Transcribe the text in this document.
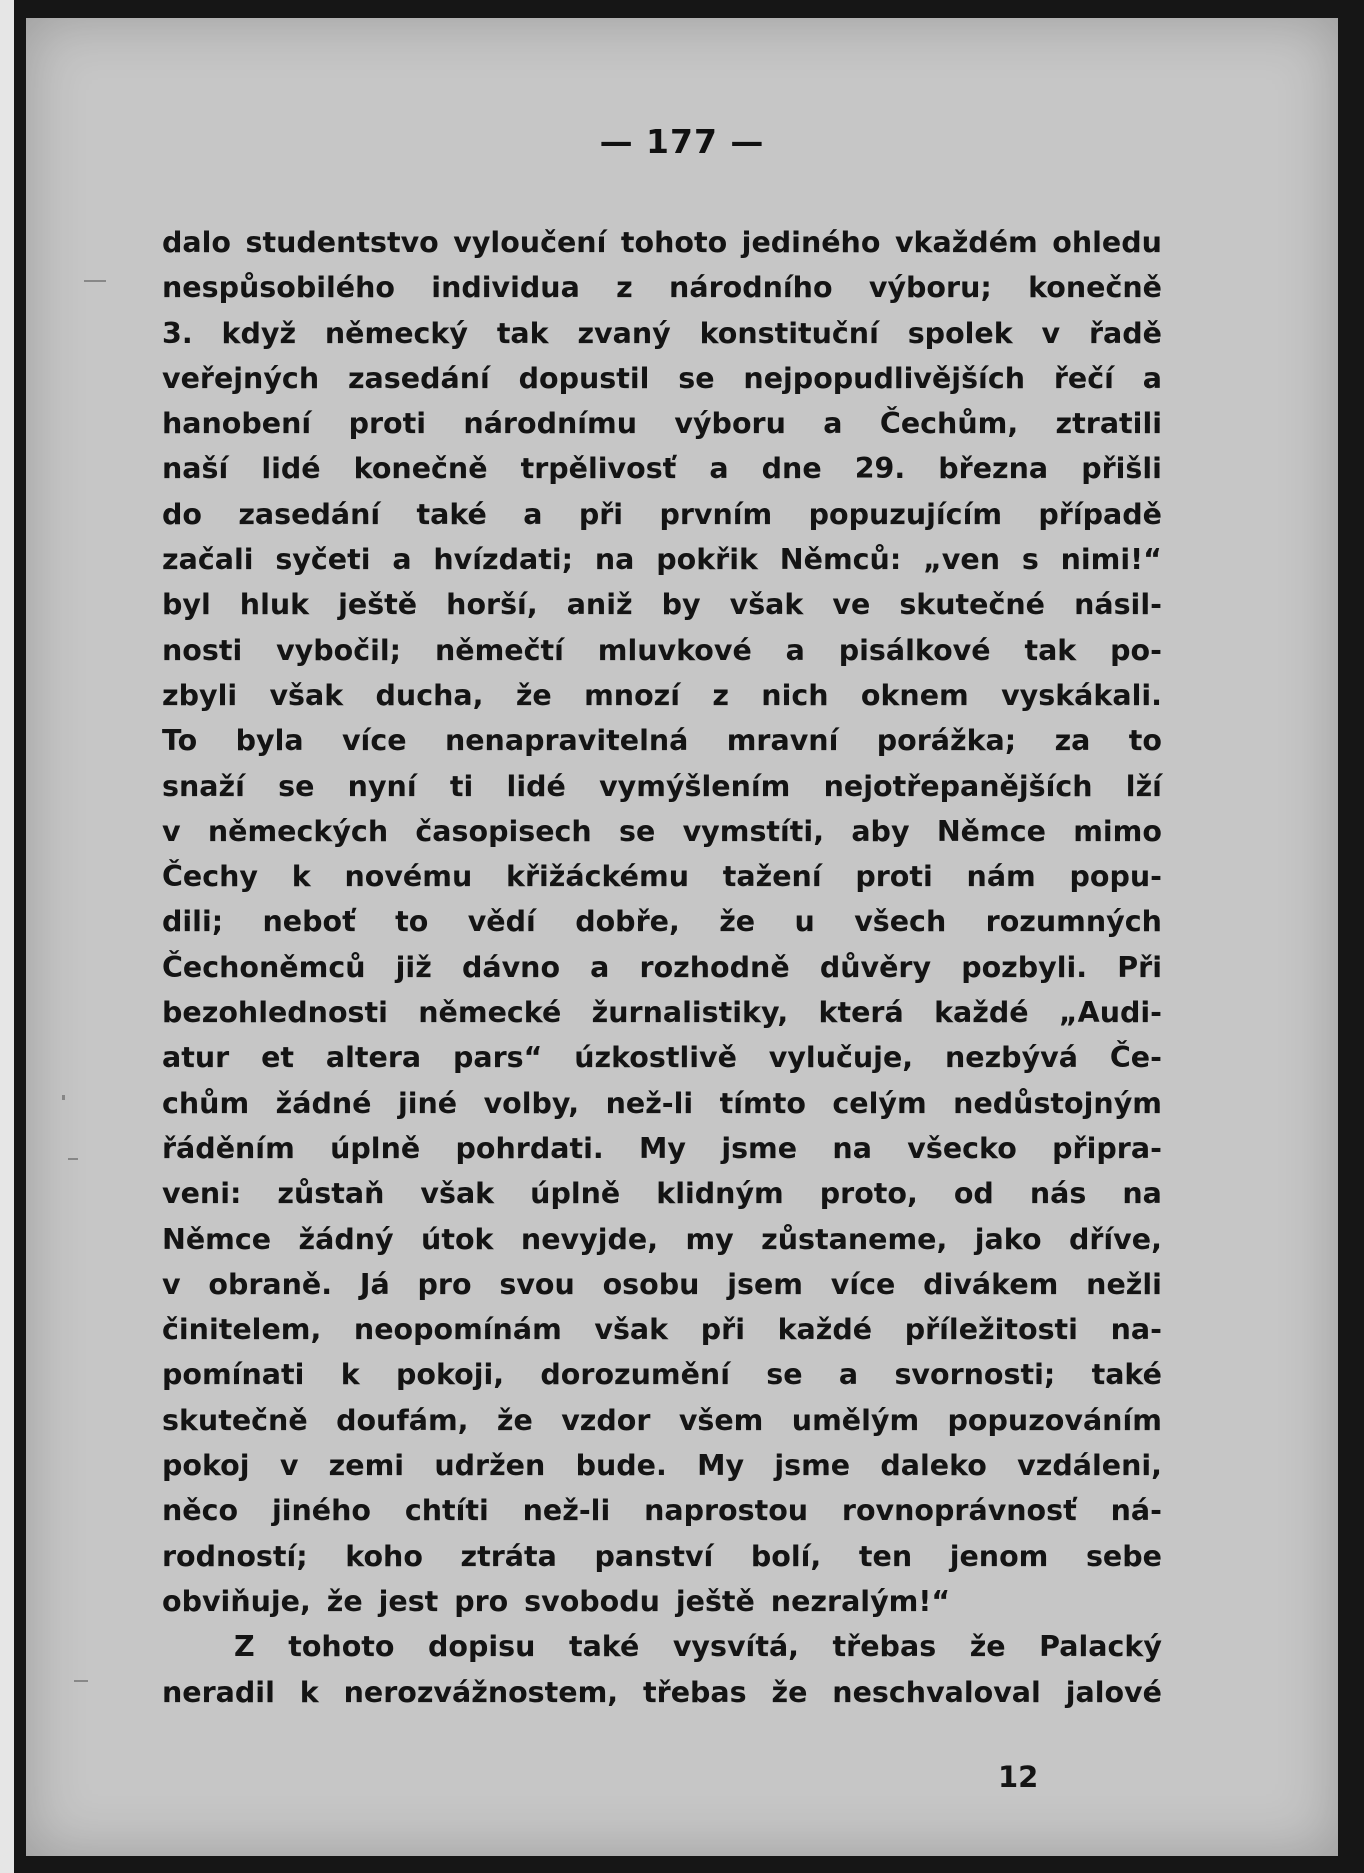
— 177 —
dalo studentstvo vyloučení tohoto jediného vkaždém ohledu
nespůsobilého individua z národního výboru; konečně
3. když německý tak zvaný konstituční spolek v řadě
veřejných zasedání dopustil se nejpopudlivějších řečí a
hanobení proti národnímu výboru a Čechům, ztratili
naší lidé konečně trpělivosť a dne 29. března přišli
do zasedání také a při prvním popuzujícím případě
začali syčeti a hvízdati; na pokřik Němců: „ven s nimi!“
byl hluk ještě horší, aniž by však ve skutečné násil-
nosti vybočil; němečtí mluvkové a pisálkové tak po-
zbyli však ducha, že mnozí z nich oknem vyskákali.
To byla více nenapravitelná mravní porážka; za to
snaží se nyní ti lidé vymýšlením nejotřepanějších lží
v německých časopisech se vymstíti, aby Němce mimo
Čechy k novému křižáckému tažení proti nám popu-
dili; neboť to vědí dobře, že u všech rozumných
Čechoněmců již dávno a rozhodně důvěry pozbyli. Při
bezohlednosti německé žurnalistiky, která každé „Audi-
atur et altera pars“ úzkostlivě vylučuje, nezbývá Če-
chům žádné jiné volby, než-li tímto celým nedůstojným
řáděním úplně pohrdati. My jsme na všecko připra-
veni: zůstaň však úplně klidným proto, od nás na
Němce žádný útok nevyjde, my zůstaneme, jako dříve,
v obraně. Já pro svou osobu jsem více divákem nežli
činitelem, neopomínám však při každé příležitosti na-
pomínati k pokoji, dorozumění se a svornosti; také
skutečně doufám, že vzdor všem umělým popuzováním
pokoj v zemi udržen bude. My jsme daleko vzdáleni,
něco jiného chtíti než-li naprostou rovnoprávnosť ná-
rodností; koho ztráta panství bolí, ten jenom sebe
obviňuje, že jest pro svobodu ještě nezralým!“
Z tohoto dopisu také vysvítá, třebas že Palacký
neradil k nerozvážnostem, třebas že neschvaloval jalové
12
